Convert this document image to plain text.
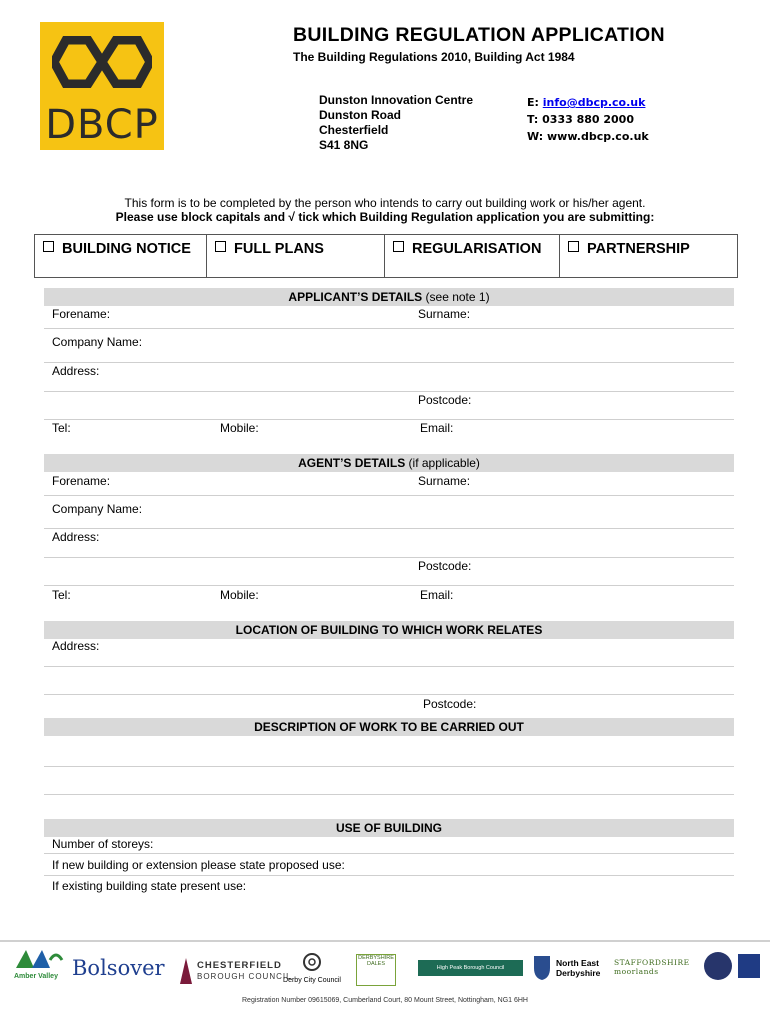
DBCP
BUILDING REGULATION APPLICATION
The Building Regulations 2010, Building Act 1984
Dunston Innovation Centre
Dunston Road
Chesterfield
S41 8NG
E: info@dbcp.co.uk
T: 0333 880 2000
W: www.dbcp.co.uk
This form is to be completed by the person who intends to carry out building work or his/her agent.
Please use block capitals and √ tick which Building Regulation application you are submitting:
BUILDING NOTICE	FULL PLANS	REGULARISATION	PARTNERSHIP
APPLICANT’S DETAILS (see note 1)
Forename:	Surname:
Company Name:
Address:
Postcode:
Tel:	Mobile:	Email:
AGENT’S DETAILS (if applicable)
Forename:	Surname:
Company Name:
Address:
Postcode:
Tel:	Mobile:	Email:
LOCATION OF BUILDING TO WHICH WORK RELATES
Address:
Postcode:
DESCRIPTION OF WORK TO BE CARRIED OUT
USE OF BUILDING
Number of storeys:
If new building or extension please state proposed use:
If existing building state present use:
Amber Valley Bolsover	CHESTERFIELD
BOROUGH COUNCIL
Derby City Council
DERBYSHIRE DALES
High Peak Borough Council	North East Derbyshire
STAFFORDSHIRE moorlands
Registration Number 09615069, Cumberland Court, 80 Mount Street, Nottingham, NG1 6HH
